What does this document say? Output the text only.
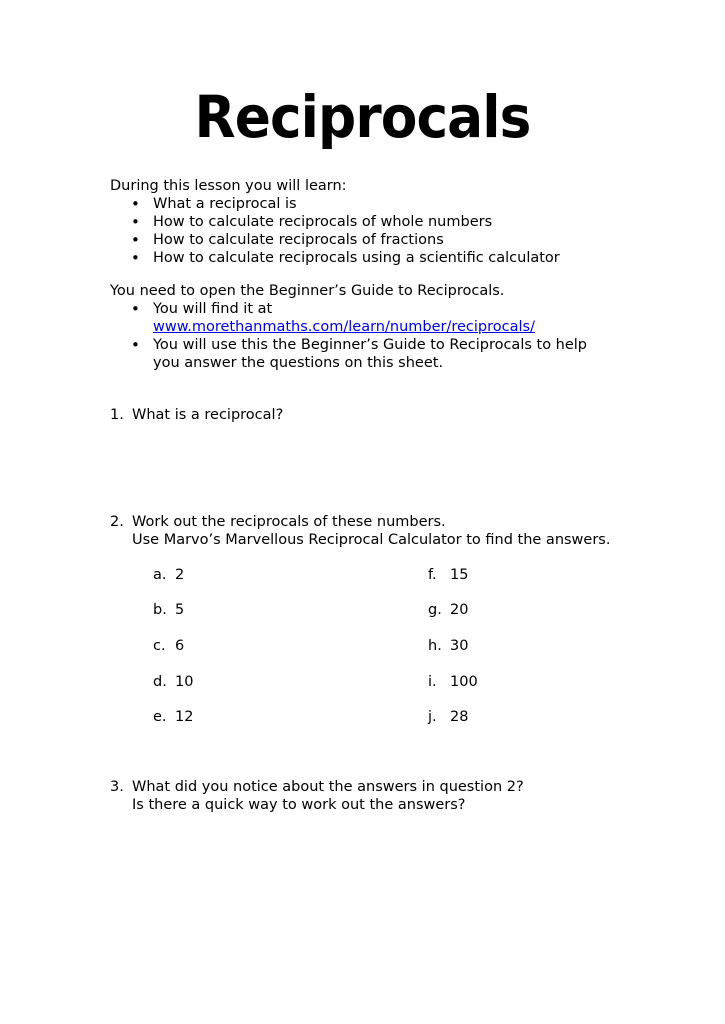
Reciprocals
During this lesson you will learn:
• What a reciprocal is
• How to calculate reciprocals of whole numbers
• How to calculate reciprocals of fractions
• How to calculate reciprocals using a scientific calculator
You need to open the Beginner’s Guide to Reciprocals.
• You will find it at
www.morethanmaths.com/learn/number/reciprocals/
• You will use this the Beginner’s Guide to Reciprocals to help
you answer the questions on this sheet.
1. What is a reciprocal?
2. Work out the reciprocals of these numbers.
Use Marvo’s Marvellous Reciprocal Calculator to find the answers.
a. 2
b. 5
c. 6
d. 10
e. 12
f. 15
g. 20
h. 30
i. 100
j. 28
3. What did you notice about the answers in question 2?
Is there a quick way to work out the answers?
